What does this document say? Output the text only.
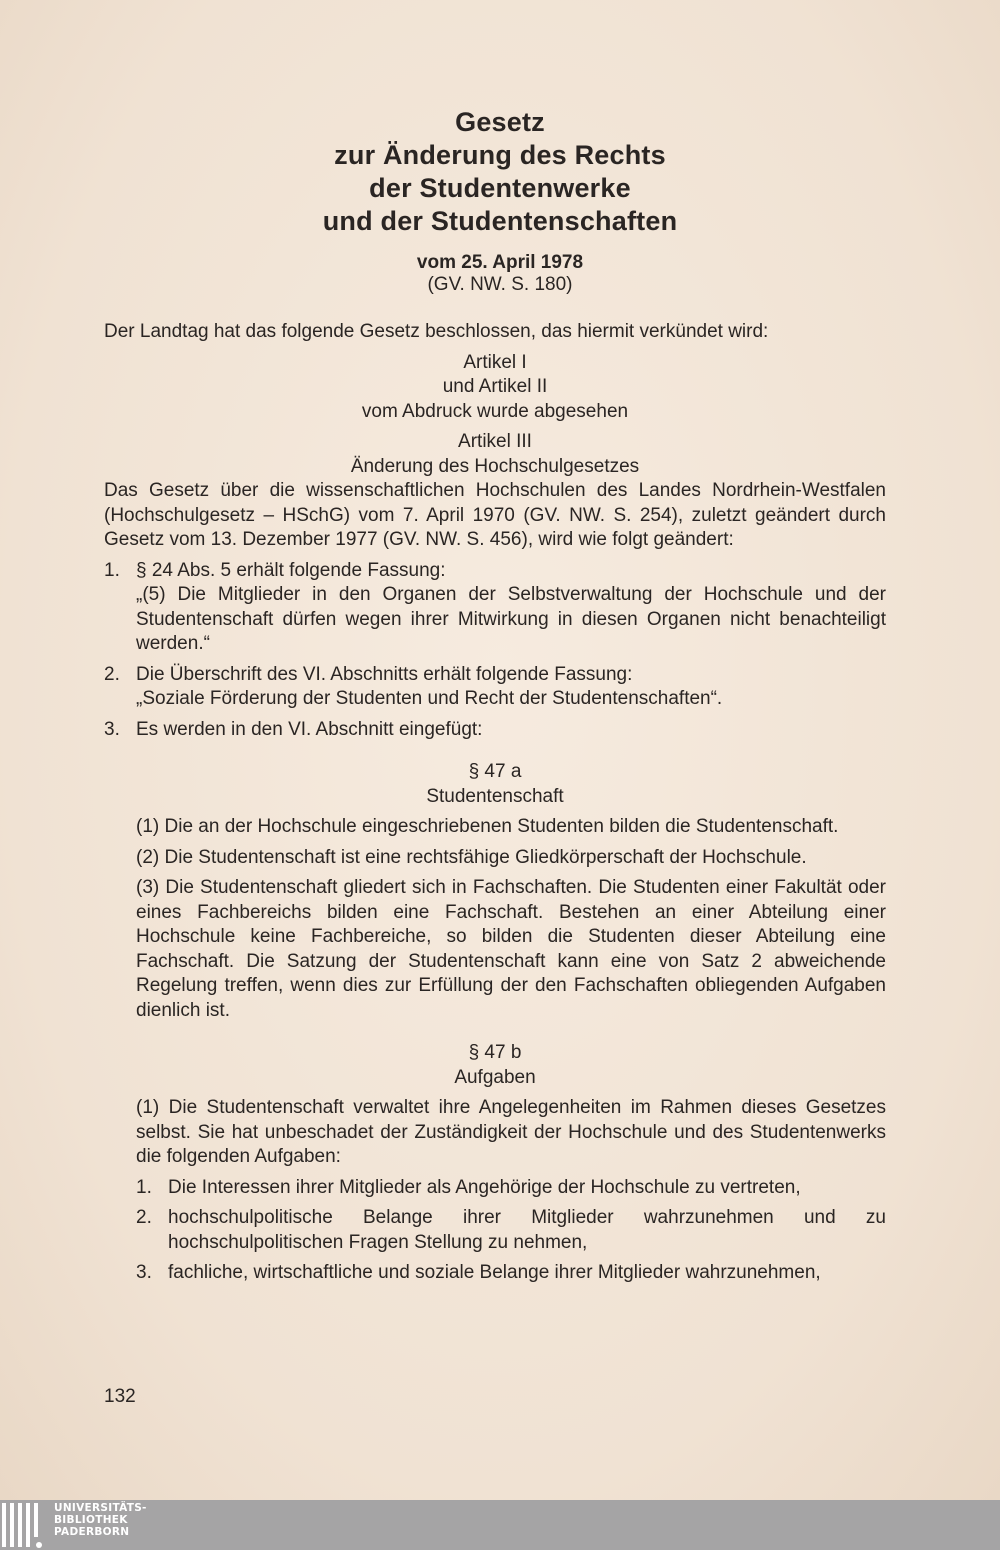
Gesetz
zur Änderung des Rechts
der Studentenwerke
und der Studentenschaften
vom 25. April 1978
(GV. NW. S. 180)
Der Landtag hat das folgende Gesetz beschlossen, das hiermit verkündet wird:
Artikel I
und Artikel II
vom Abdruck wurde abgesehen
Artikel III
Änderung des Hochschulgesetzes
Das Gesetz über die wissenschaftlichen Hochschulen des Landes Nordrhein-Westfalen (Hochschulgesetz – HSchG) vom 7. April 1970 (GV. NW. S. 254), zuletzt geändert durch Gesetz vom 13. Dezember 1977 (GV. NW. S. 456), wird wie folgt geändert:
1. § 24 Abs. 5 erhält folgende Fassung:
„(5) Die Mitglieder in den Organen der Selbstverwaltung der Hochschule und der Studentenschaft dürfen wegen ihrer Mitwirkung in diesen Organen nicht benachteiligt werden.“
2. Die Überschrift des VI. Abschnitts erhält folgende Fassung:
„Soziale Förderung der Studenten und Recht der Studentenschaften“.
3. Es werden in den VI. Abschnitt eingefügt:
§ 47 a
Studentenschaft
(1) Die an der Hochschule eingeschriebenen Studenten bilden die Studentenschaft.
(2) Die Studentenschaft ist eine rechtsfähige Gliedkörperschaft der Hochschule.
(3) Die Studentenschaft gliedert sich in Fachschaften. Die Studenten einer Fakultät oder eines Fachbereichs bilden eine Fachschaft. Bestehen an einer Abteilung einer Hochschule keine Fachbereiche, so bilden die Studenten dieser Abteilung eine Fachschaft. Die Satzung der Studentenschaft kann eine von Satz 2 abweichende Regelung treffen, wenn dies zur Erfüllung der den Fachschaften obliegenden Aufgaben dienlich ist.
§ 47 b
Aufgaben
(1) Die Studentenschaft verwaltet ihre Angelegenheiten im Rahmen dieses Gesetzes selbst. Sie hat unbeschadet der Zuständigkeit der Hochschule und des Studentenwerks die folgenden Aufgaben:
1. Die Interessen ihrer Mitglieder als Angehörige der Hochschule zu vertreten,
2. hochschulpolitische Belange ihrer Mitglieder wahrzunehmen und zu hochschulpolitischen Fragen Stellung zu nehmen,
3. fachliche, wirtschaftliche und soziale Belange ihrer Mitglieder wahrzunehmen,
132
UNIVERSITÄTS-
BIBLIOTHEK
PADERBORN
